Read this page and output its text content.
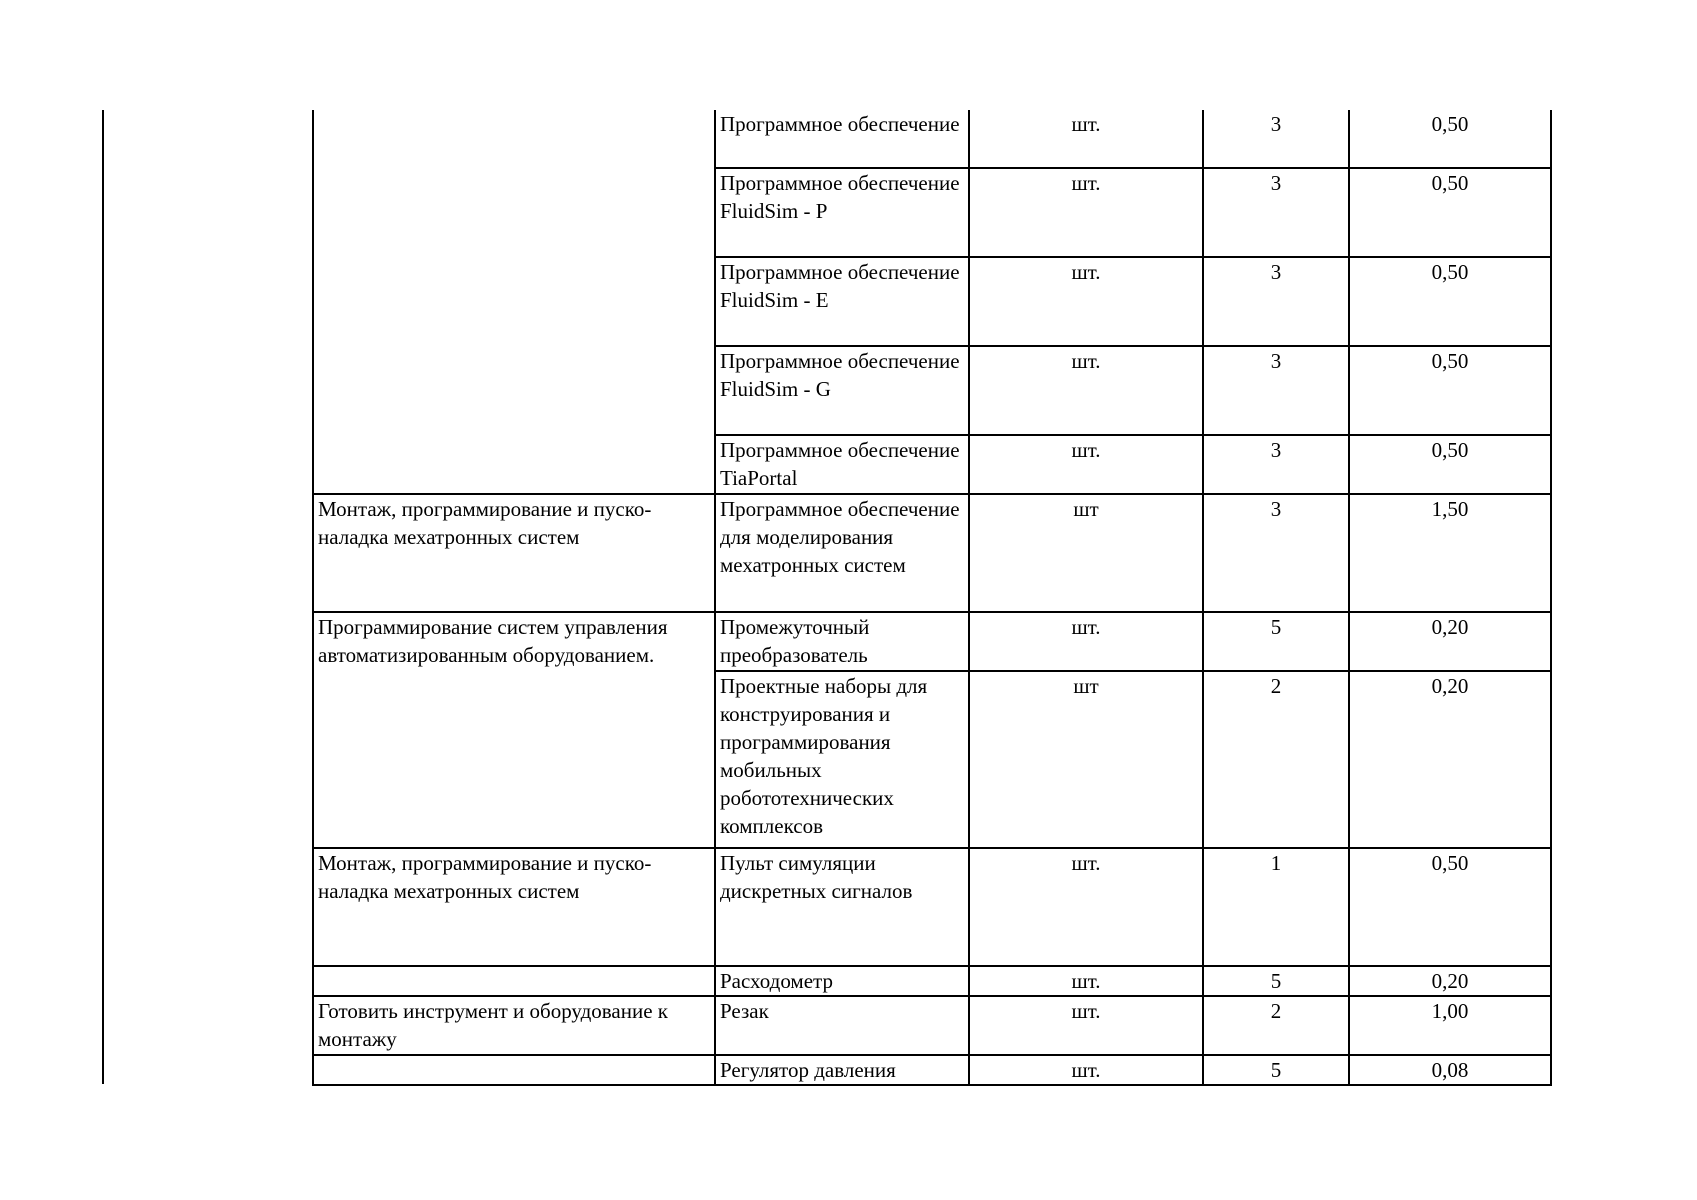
	Программное обеспечение	шт.	3	0,50
	Программное обеспечение FluidSim - P	шт.	3	0,50
	Программное обеспечение FluidSim - E	шт.	3	0,50
	Программное обеспечение FluidSim - G	шт.	3	0,50
	Программное обеспечение TiaPortal	шт.	3	0,50
Монтаж, программирование и пуско-наладка мехатронных систем	Программное обеспечение для моделирования мехатронных систем	шт	3	1,50
Программирование систем управления автоматизированным оборудованием.	Промежуточный преобразователь	шт.	5	0,20
	Проектные наборы для конструирования и программирования мобильных робототехнических комплексов	шт	2	0,20
Монтаж, программирование и пуско-наладка мехатронных систем	Пульт симуляции дискретных сигналов	шт.	1	0,50
	Расходометр	шт.	5	0,20
Готовить инструмент и оборудование к монтажу	Резак	шт.	2	1,00
	Регулятор давления	шт.	5	0,08
